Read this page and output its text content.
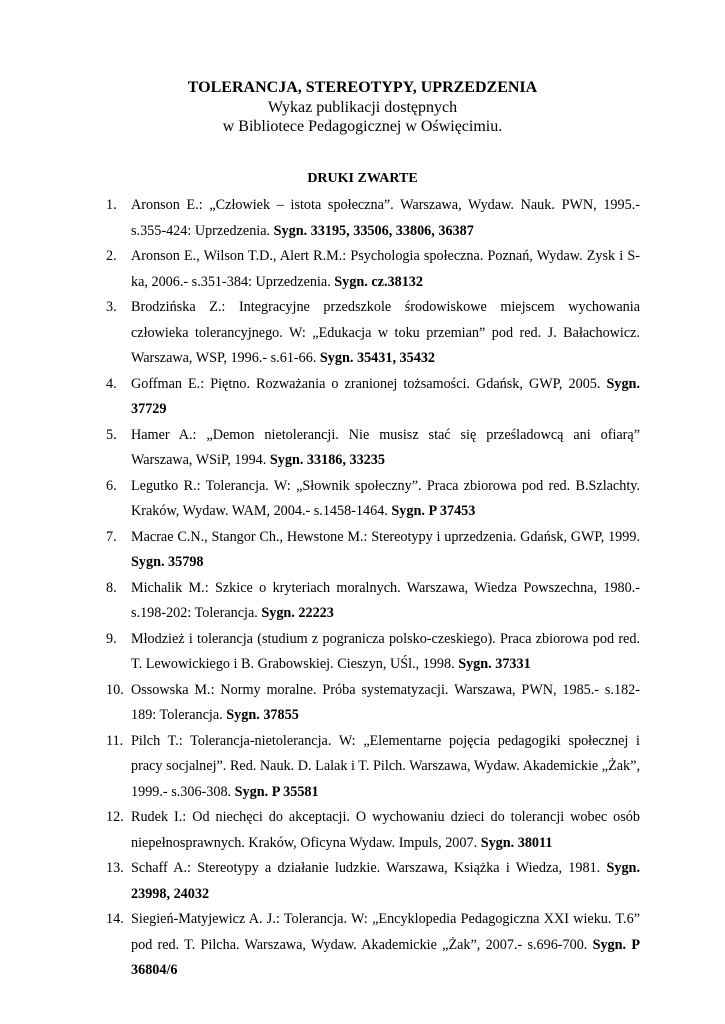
TOLERANCJA, STEREOTYPY, UPRZEDZENIA
Wykaz publikacji dostępnych
w Bibliotece Pedagogicznej w Oświęcimiu.
DRUKI ZWARTE
1. Aronson E.: „Człowiek – istota społeczna”. Warszawa, Wydaw. Nauk. PWN, 1995.- s.355-424: Uprzedzenia. Sygn. 33195, 33506, 33806, 36387
2. Aronson E., Wilson T.D., Alert R.M.: Psychologia społeczna. Poznań, Wydaw. Zysk i S-ka, 2006.- s.351-384: Uprzedzenia. Sygn. cz.38132
3. Brodzińska Z.: Integracyjne przedszkole środowiskowe miejscem wychowania człowieka tolerancyjnego. W: „Edukacja w toku przemian” pod red. J. Bałachowicz. Warszawa, WSP, 1996.- s.61-66. Sygn. 35431, 35432
4. Goffman E.: Piętno. Rozważania o zranionej tożsamości. Gdańsk, GWP, 2005. Sygn. 37729
5. Hamer A.: „Demon nietolerancji. Nie musisz stać się prześladowcą ani ofiarą” Warszawa, WSiP, 1994. Sygn. 33186, 33235
6. Legutko R.: Tolerancja. W: „Słownik społeczny”. Praca zbiorowa pod red. B.Szlachty. Kraków, Wydaw. WAM, 2004.- s.1458-1464. Sygn. P 37453
7. Macrae C.N., Stangor Ch., Hewstone M.: Stereotypy i uprzedzenia. Gdańsk, GWP, 1999. Sygn. 35798
8. Michalik M.: Szkice o kryteriach moralnych. Warszawa, Wiedza Powszechna, 1980.- s.198-202: Tolerancja. Sygn. 22223
9. Młodzież i tolerancja (studium z pogranicza polsko-czeskiego). Praca zbiorowa pod red. T. Lewowickiego i B. Grabowskiej. Cieszyn, UŚl., 1998. Sygn. 37331
10. Ossowska M.: Normy moralne. Próba systematyzacji. Warszawa, PWN, 1985.- s.182-189: Tolerancja. Sygn. 37855
11. Pilch T.: Tolerancja-nietolerancja. W: „Elementarne pojęcia pedagogiki społecznej i pracy socjalnej”. Red. Nauk. D. Lalak i T. Pilch. Warszawa, Wydaw. Akademickie „Żak”, 1999.- s.306-308. Sygn. P 35581
12. Rudek I.: Od niechęci do akceptacji. O wychowaniu dzieci do tolerancji wobec osób niepełnosprawnych. Kraków, Oficyna Wydaw. Impuls, 2007. Sygn. 38011
13. Schaff A.: Stereotypy a działanie ludzkie. Warszawa, Książka i Wiedza, 1981. Sygn. 23998, 24032
14. Siegień-Matyjewicz A. J.: Tolerancja. W: „Encyklopedia Pedagogiczna XXI wieku. T.6” pod red. T. Pilcha. Warszawa, Wydaw. Akademickie „Żak”, 2007.- s.696-700. Sygn. P 36804/6
